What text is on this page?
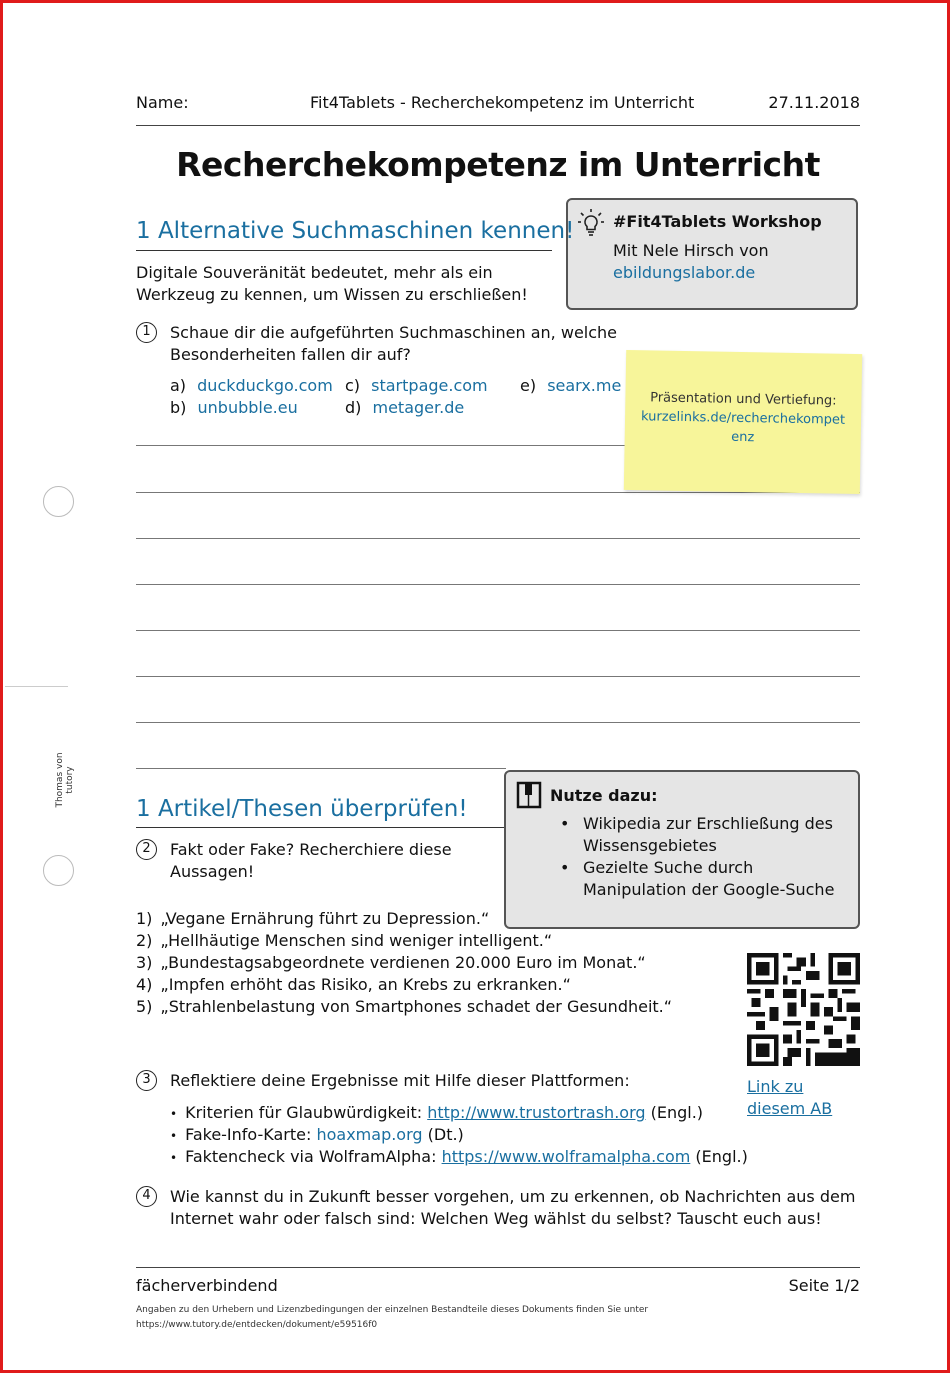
Name:	Fit4Tablets - Recherchekompetenz im Unterricht	27.11.2018
Recherchekompetenz im Unterricht
#Fit4Tablets Workshop
Mit Nele Hirsch von
ebildungslabor.de
1 Alternative Suchmaschinen kennen!
Digitale Souveränität bedeutet, mehr als ein
Werkzeug zu kennen, um Wissen zu erschließen!
1	Schaue dir die aufgeführten Suchmaschinen an, welche
Besonderheiten fallen dir auf?
a) duckduckgo.com c) startpage.com e) searx.me
b) unbubble.eu	d) metager.de	Präsentation und Vertiefung:
kurzelinks.de/recherchekompet
enz
Thomas von tutory
1 Artikel/Thesen überprüfen!
2	Fakt oder Fake? Recherchiere diese
Aussagen!
Nutze dazu:
• Wikipedia zur Erschließung des
Wissensgebietes
• Gezielte Suche durch
Manipulation der Google-Suche
1) „Vegane Ernährung führt zu Depression.“
2) „Hellhäutige Menschen sind weniger intelligent.“
3) „Bundestagsabgeordnete verdienen 20.000 Euro im Monat.“
4) „Impfen erhöht das Risiko, an Krebs zu erkranken.“
5) „Strahlenbelastung von Smartphones schadet der Gesundheit.“
Link zu
diesem AB
3	Reflektiere deine Ergebnisse mit Hilfe dieser Plattformen:
• Kriterien für Glaubwürdigkeit: http://www.trustortrash.org (Engl.)
• Fake-Info-Karte: hoaxmap.org (Dt.)
• Faktencheck via WolframAlpha: https://www.wolframalpha.com (Engl.)
4	Wie kannst du in Zukunft besser vorgehen, um zu erkennen, ob Nachrichten aus dem
Internet wahr oder falsch sind: Welchen Weg wählst du selbst? Tauscht euch aus!
fächerverbindend	Seite 1/2
Angaben zu den Urhebern und Lizenzbedingungen der einzelnen Bestandteile dieses Dokuments finden Sie unter
https://www.tutory.de/entdecken/dokument/e59516f0
